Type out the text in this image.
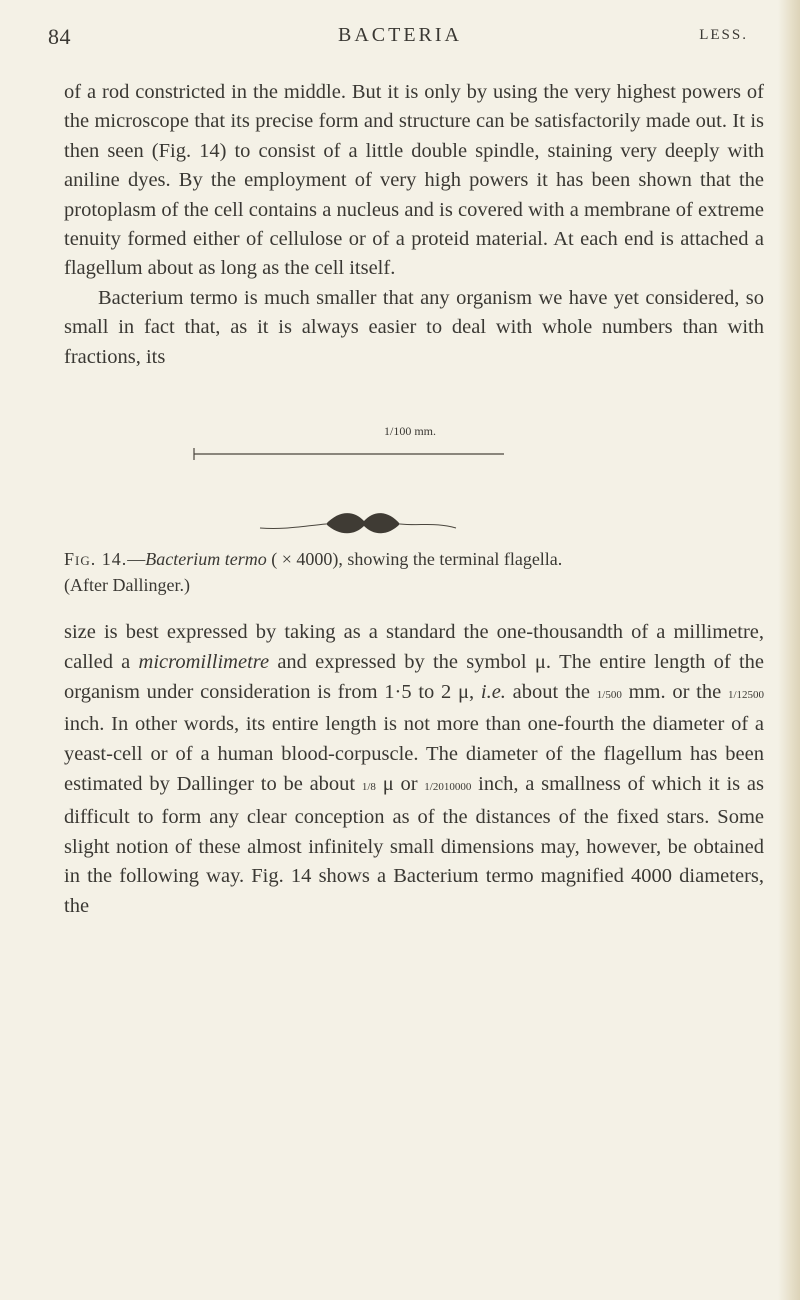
84	BACTERIA	LESS.

of a rod constricted in the middle. But it is only by using the very highest powers of the microscope that its precise form and structure can be satisfactorily made out. It is then seen (Fig. 14) to consist of a little double spindle, staining very deeply with aniline dyes. By the employment of very high powers it has been shown that the protoplasm of the cell contains a nucleus and is covered with a membrane of extreme tenuity formed either of cellulose or of a proteid material. At each end is attached a flagellum about as long as the cell itself.

Bacterium termo is much smaller that any organism we have yet considered, so small in fact that, as it is always easier to deal with whole numbers than with fractions, its

1/100 mm.
Fig. 14.—Bacterium termo ( × 4000), showing the terminal flagella.
(After Dallinger.)

size is best expressed by taking as a standard the one-thousandth of a millimetre, called a micromillimetre and expressed by the symbol μ. The entire length of the organism under consideration is from 1·5 to 2 μ, i.e. about the 1/500 mm. or the 1/12500 inch. In other words, its entire length is not more than one-fourth the diameter of a yeast-cell or of a human blood-corpuscle. The diameter of the flagellum has been estimated by Dallinger to be about 1/8 μ or 1/2010000 inch, a smallness of which it is as difficult to form any clear conception as of the distances of the fixed stars. Some slight notion of these almost infinitely small dimensions may, however, be obtained in the following way. Fig. 14 shows a Bacterium termo magnified 4000 diameters, the
